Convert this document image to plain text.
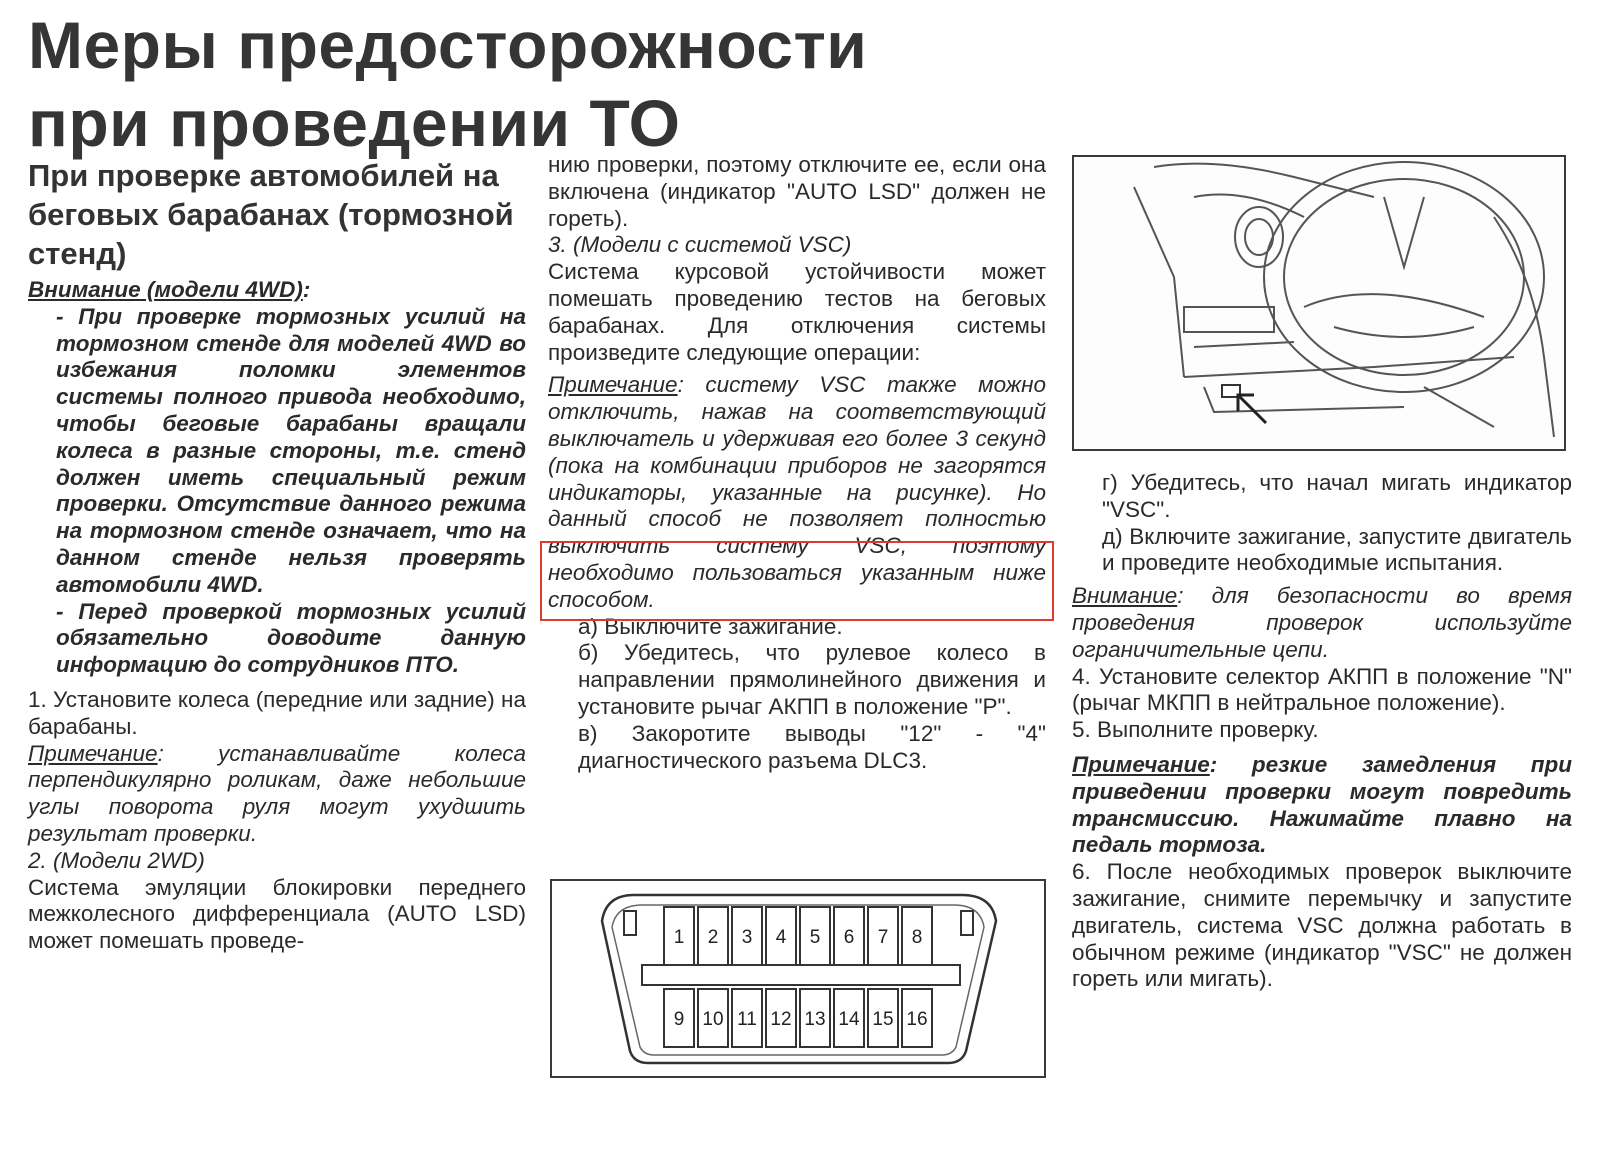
Меры предосторожности
при проведении ТО
При проверке автомобилей на беговых барабанах (тормозной стенд)

Внимание (модели 4WD):

- При проверке тормозных усилий на тормозном стенде для моделей 4WD во избежания поломки элементов системы полного привода необходимо, чтобы беговые барабаны вращали колеса в разные стороны, т.е. стенд должен иметь специальный режим проверки. Отсутствие данного режима на тормозном стенде означает, что на данном стенде нельзя проверять автомобили 4WD.

- Перед проверкой тормозных усилий обязательно доводите данную информацию до сотрудников ПТО.

1. Установите колеса (передние или задние) на барабаны.

Примечание: устанавливайте колеса перпендикулярно роликам, даже небольшие углы поворота руля могут ухудшить результат проверки.

2. (Модели 2WD)

Система эмуляции блокировки переднего межколесного дифференциала (AUTO LSD) может помешать проведе-

нию проверки, поэтому отключите ее, если она включена (индикатор "AUTO LSD" должен не гореть).

3. (Модели с системой VSC)

Система курсовой устойчивости может помешать проведению тестов на беговых барабанах. Для отключения системы произведите следующие операции:

Примечание: систему VSC также можно отключить, нажав на соответствующий выключатель и удерживая его более 3 секунд (пока на комбинации приборов не загорятся индикаторы, указанные на рисунке). Но данный способ не позволяет полностью выключить систему VSC, поэтому необходимо пользоваться указанным ниже способом.

а) Выключите зажигание.

б) Убедитесь, что рулевое колесо в направлении прямолинейного движения и установите рычаг АКПП в положение "P".

в) Закоротите выводы "12" - "4" диагностического разъема DLC3.

1 2 3 4 5 6 7 8
9 10 11 12 13 14 15 16

г) Убедитесь, что начал мигать индикатор "VSC".

д) Включите зажигание, запустите двигатель и проведите необходимые испытания.

Внимание: для безопасности во время проведения проверок используйте ограничительные цепи.

4. Установите селектор АКПП в положение "N" (рычаг МКПП в нейтральное положение).

5. Выполните проверку.

Примечание: резкие замедления при приведении проверки могут повредить трансмиссию. Нажимайте плавно на педаль тормоза.

6. После необходимых проверок выключите зажигание, снимите перемычку и запустите двигатель, система VSC должна работать в обычном режиме (индикатор "VSC" не должен гореть или мигать).
